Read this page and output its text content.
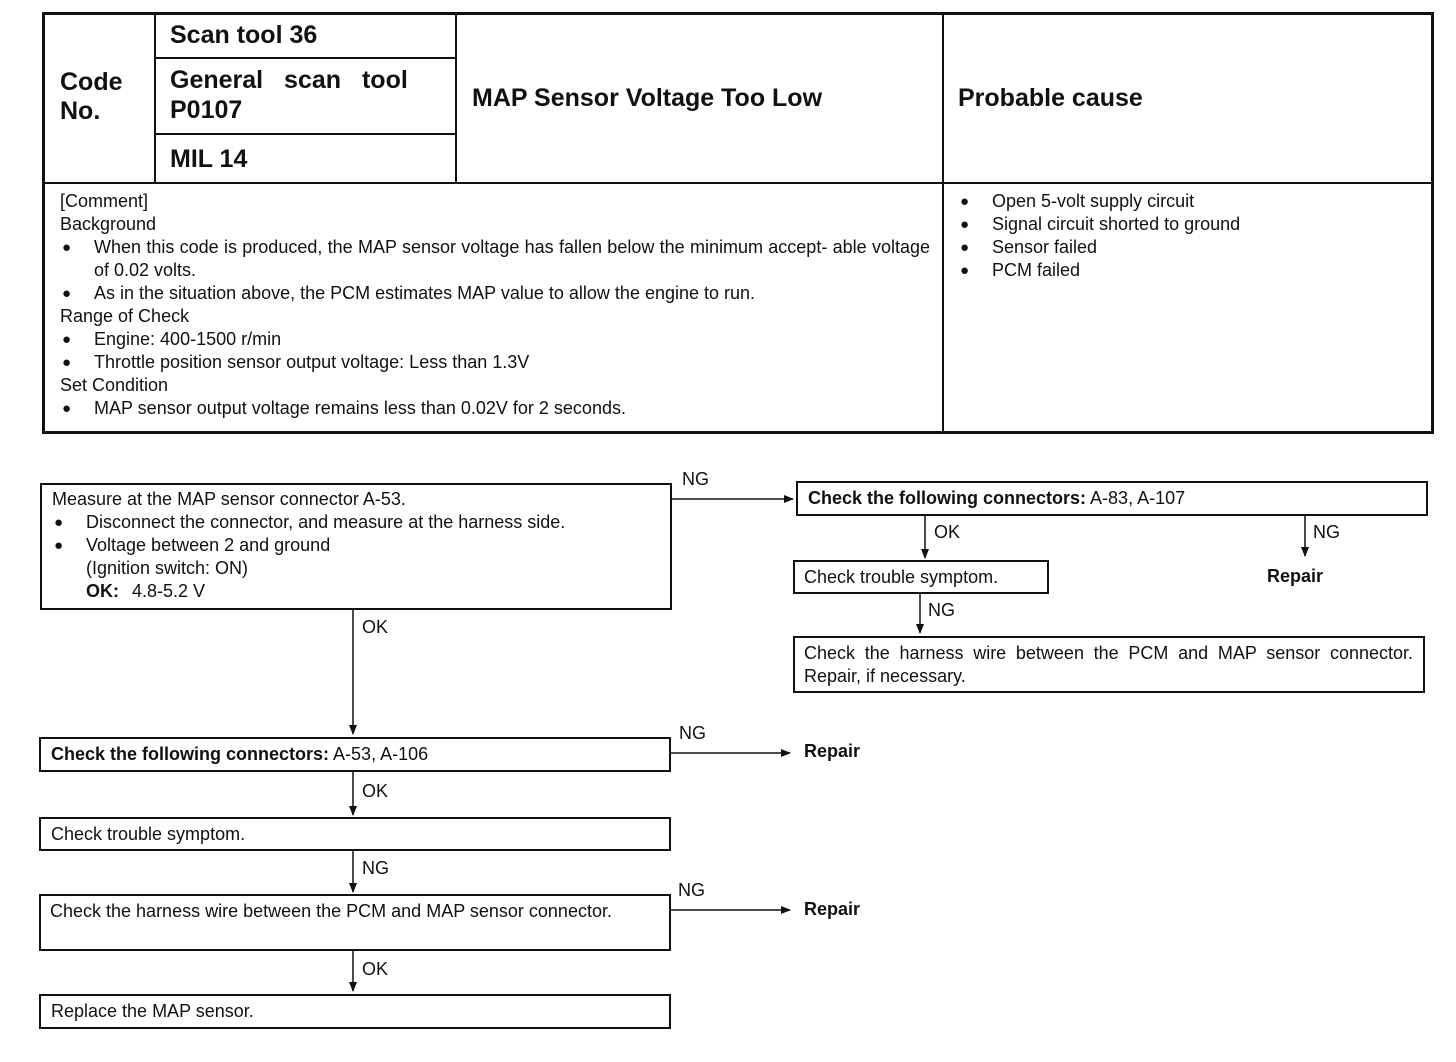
Code No.
Scan tool 36
General scan tool
P0107
MIL 14
MAP Sensor Voltage Too Low	Probable cause
[Comment]
Background
● When this code is produced, the MAP sensor voltage has fallen below the minimum accept- able voltage of 0.02 volts.
● As in the situation above, the PCM estimates MAP value to allow the engine to run.
Range of Check
● Engine: 400-1500 r/min
● Throttle position sensor output voltage: Less than 1.3V
Set Condition
● MAP sensor output voltage remains less than 0.02V for 2 seconds.
● Open 5-volt supply circuit
● Signal circuit shorted to ground
● Sensor failed
● PCM failed
Measure at the MAP sensor connector A-53.
● Disconnect the connector, and measure at the harness side.
● Voltage between 2 and ground
(Ignition switch: ON)
OK: 4.8-5.2 V
Check the following connectors: A-83, A-107
Check trouble symptom.
Check the harness wire between the PCM and MAP sensor connector. Repair, if necessary.
Check the following connectors: A-53, A-106
Check trouble symptom.
Check the harness wire between the PCM and MAP sensor connector.
Replace the MAP sensor.
NG
OK
OK	NG
Repair
NG
NG
Repair
OK
NG
NG
Repair
OK
